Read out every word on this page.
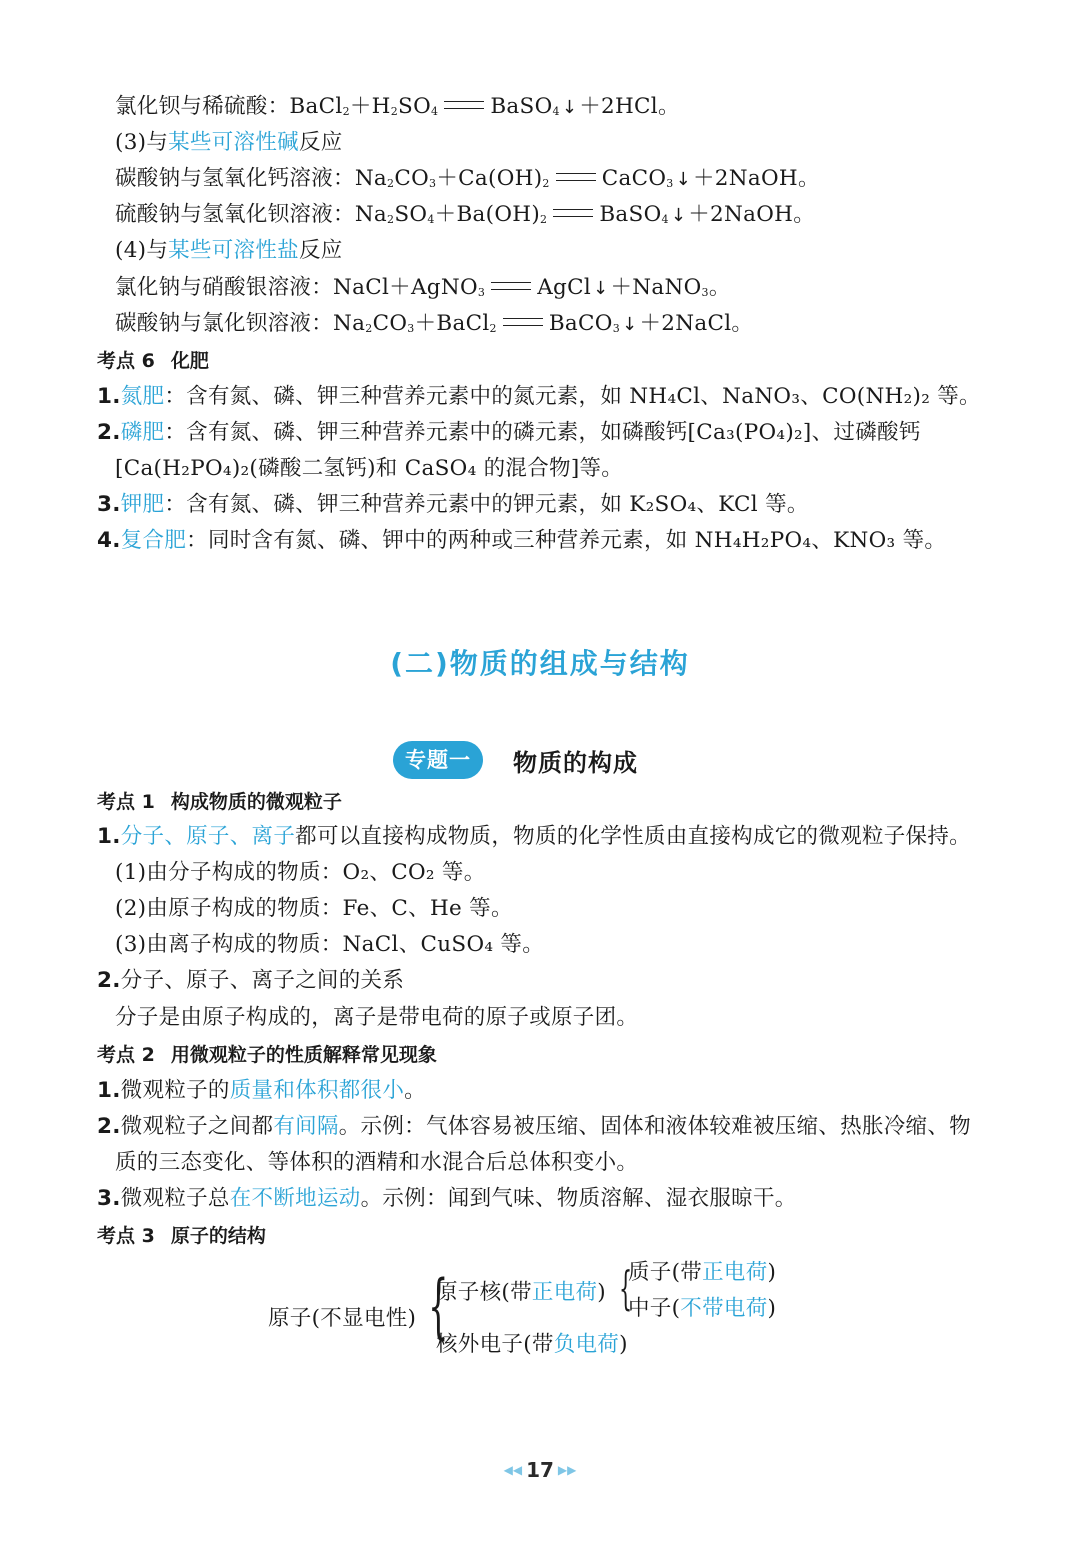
氯化钡与稀硫酸：$BaCl_2+H_2SO_4$ BaSO$_4$ ↓＋2HCl。
(3)与某些可溶性碱反应
碳酸钠与氢氧化钙溶液：$Na_2CO_3+Ca(OH)_2$ CaCO$_3$ ↓＋2NaOH。
硫酸钠与氢氧化钡溶液：$Na_2SO_4+Ba(OH)_2$ BaSO$_4$ ↓＋2NaOH。
(4)与某些可溶性盐反应
氯化钠与硝酸银溶液：NaCl＋AgNO$_3$ AgCl ↓＋NaNO$_3$。
碳酸钠与氯化钡溶液：$Na_2CO_3+BaCl_2$ BaCO$_3$ ↓＋2NaCl。
考点 6 化肥
1.氮肥：含有氮、磷、钾三种营养元素中的氮元素，如 NH₄Cl、NaNO₃、CO(NH₂)₂ 等。
2.磷肥：含有氮、磷、钾三种营养元素中的磷元素，如磷酸钙[Ca₃(PO₄)₂]、过磷酸钙
[Ca(H₂PO₄)₂(磷酸二氢钙)和 CaSO₄ 的混合物]等。
3.钾肥：含有氮、磷、钾三种营养元素中的钾元素，如 K₂SO₄、KCl 等。
4.复合肥：同时含有氮、磷、钾中的两种或三种营养元素，如 NH₄H₂PO₄、KNO₃ 等。
(二)物质的组成与结构
专题一	物质的构成
考点 1 构成物质的微观粒子
1.分子、原子、离子都可以直接构成物质，物质的化学性质由直接构成它的微观粒子保持。
(1)由分子构成的物质：O₂、CO₂ 等。
(2)由原子构成的物质：Fe、C、He 等。
(3)由离子构成的物质：NaCl、CuSO₄ 等。
2.分子、原子、离子之间的关系
分子是由原子构成的，离子是带电荷的原子或原子团。
考点 2 用微观粒子的性质解释常见现象
1.微观粒子的质量和体积都很小。
2.微观粒子之间都有间隔。示例：气体容易被压缩、固体和液体较难被压缩、热胀冷缩、物
质的三态变化、等体积的酒精和水混合后总体积变小。
3.微观粒子总在不断地运动。示例：闻到气味、物质溶解、湿衣服晾干。
考点 3 原子的结构
原子(不显电性) {
原子核(带正电荷) {
质子(带正电荷)
中子(不带电荷)
核外电子(带负电荷)
◀◀ 17 ▶▶
